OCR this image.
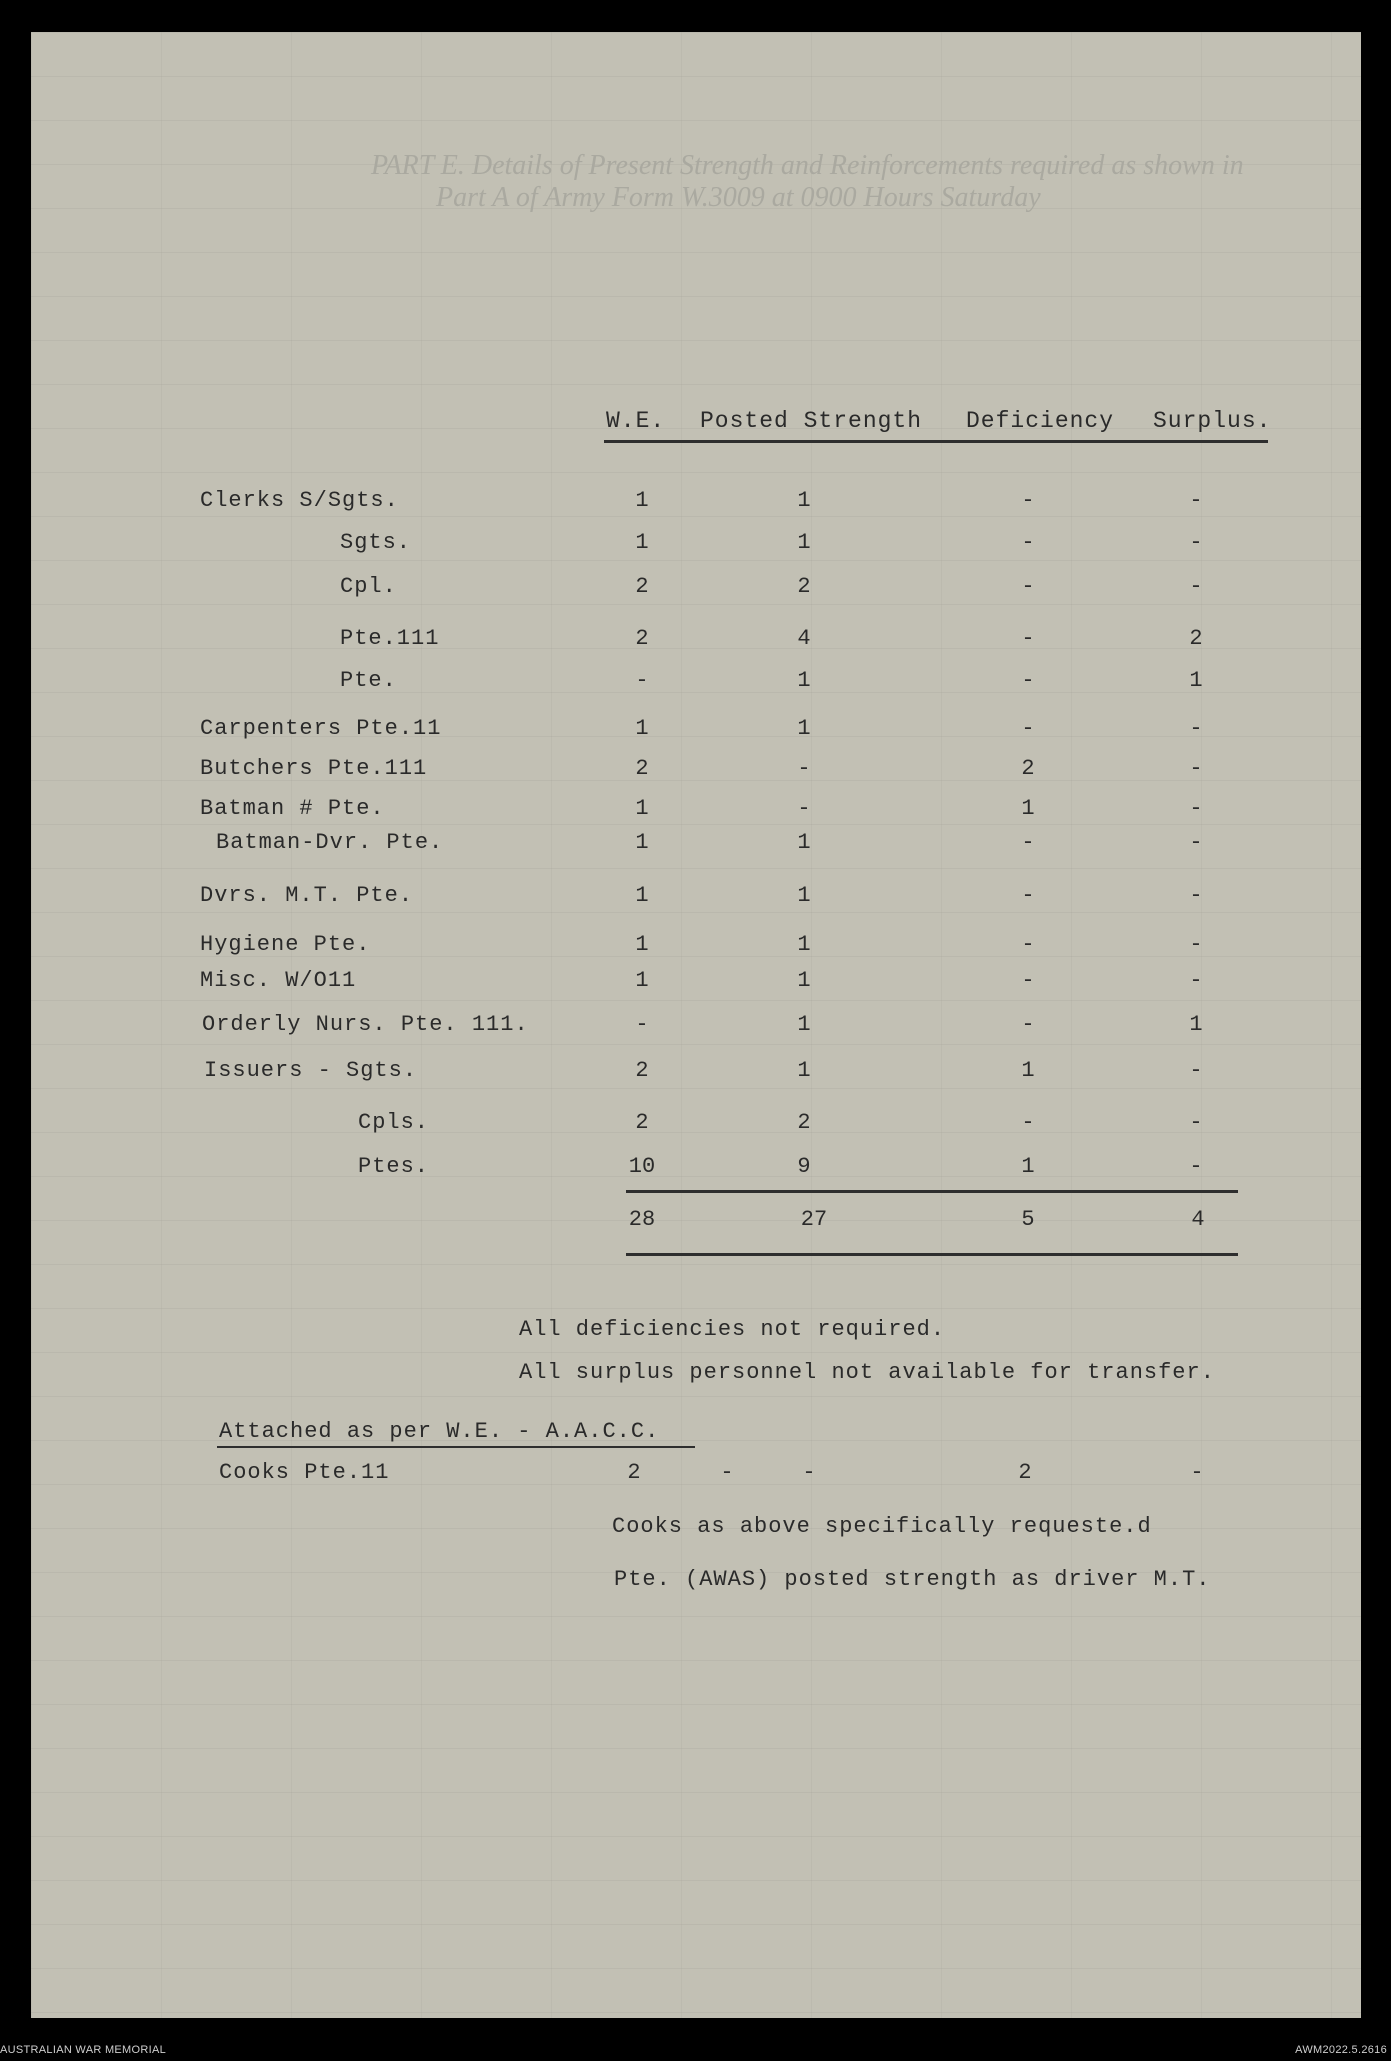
PART E. Details of Present Strength and Reinforcements required as shown in
Part A of Army Form W.3009 at 0900 Hours Saturday
W.E. Posted Strength Deficiency Surplus.
Clerks S/Sgts.	1	1	-	-
Sgts.	1	1	-	-
Cpl.	2	2	-	-
Pte.111	2	4	-	2
Pte.	-	1	-	1
Carpenters Pte.11	1	1	-	-
Butchers Pte.111	2	-	2	-
Batman # Pte.	1	-	1	-
Batman-Dvr. Pte.	1	1	-	-
Dvrs. M.T. Pte.	1	1	-	-
Hygiene Pte.	1	1	-	-
Misc. W/O11	1	1	-	-
Orderly Nurs. Pte. 111.	-	1	-	1
Issuers - Sgts.	2	1	1	-
Cpls.	2	2	-	-
Ptes.	10	9	1	-
28	27	5	4
All deficiencies not required.
All surplus personnel not available for transfer.
Attached as per W.E. - A.A.C.C.
Cooks Pte.11	2	-	-	2	-
Cooks as above specifically requeste.d
Pte. (AWAS) posted strength as driver M.T.
AUSTRALIAN WAR MEMORIAL	AWM2022.5.2616
